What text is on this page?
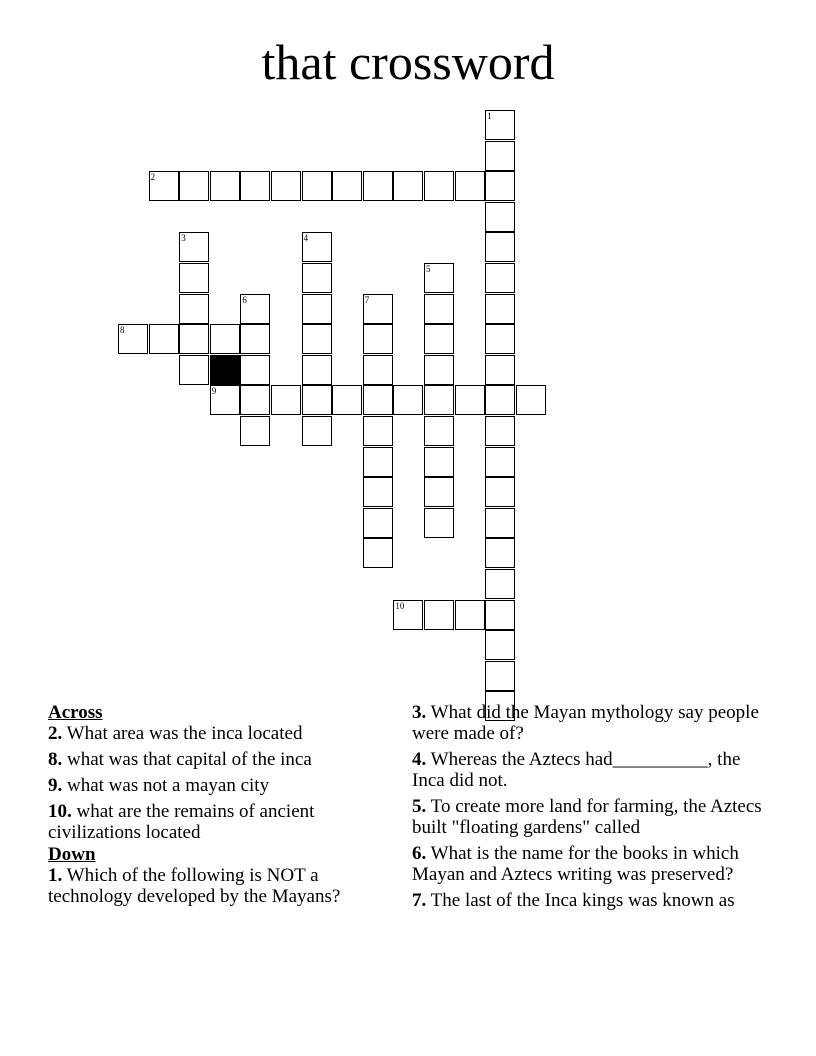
that crossword
1
2
3	4
5
6	7
8
9
10
Across
2. What area was the inca located
8. what was that capital of the inca
9. what was not a mayan city
10. what are the remains of ancient civilizations located
Down
1. Which of the following is NOT a technology developed by the Mayans?
3. What did the Mayan mythology say people were made of?
4. Whereas the Aztecs had__________, the Inca did not.
5. To create more land for farming, the Aztecs built "floating gardens" called
6. What is the name for the books in which Mayan and Aztecs writing was preserved?
7. The last of the Inca kings was known as
